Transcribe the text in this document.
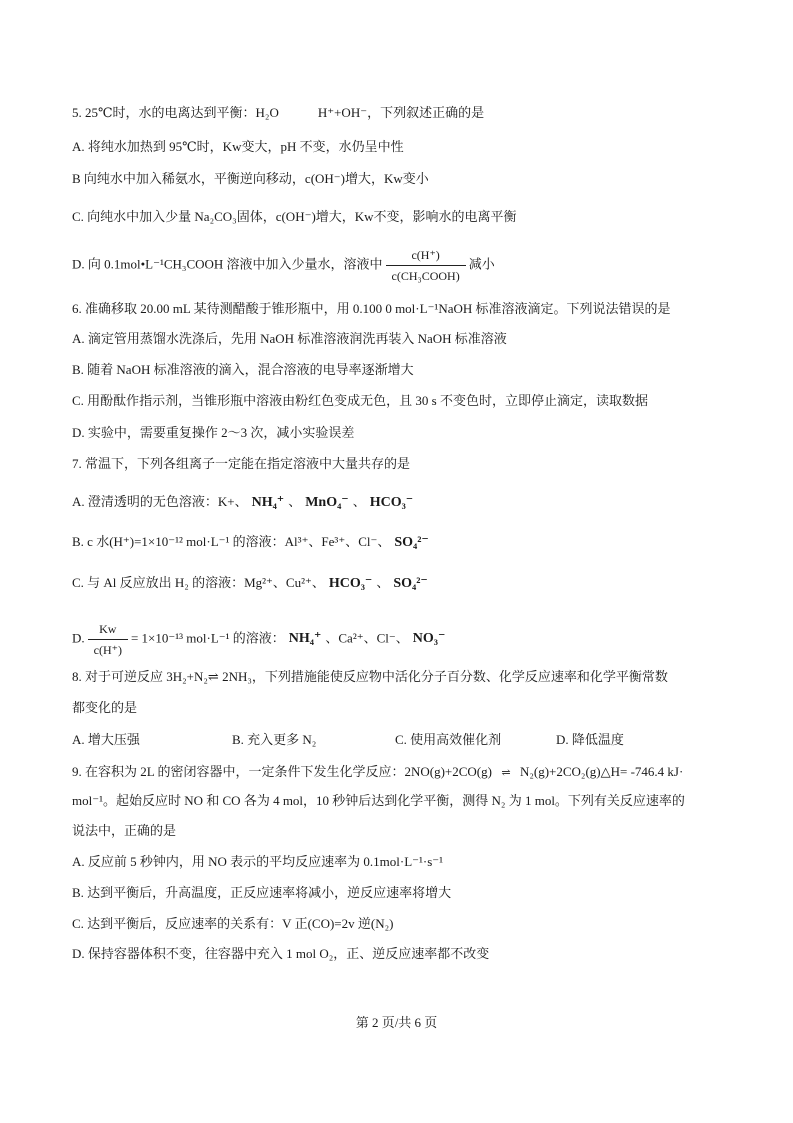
5. 25℃时，水的电离达到平衡：H₂O　　　H⁺+OH⁻，下列叙述正确的是
A. 将纯水加热到 95℃时，Kw变大，pH 不变，水仍呈中性
B 向纯水中加入稀氨水，平衡逆向移动，c(OH⁻)增大，Kw变小
C. 向纯水中加入少量 Na₂CO₃固体，c(OH⁻)增大，Kw不变，影响水的电离平衡
D. 向 0.1mol•L⁻¹CH₃COOH 溶液中加入少量水，溶液中 $\frac{c(H^+)}{\text{c(CH₃COOH)}}$ 减小
6. 准确移取 20.00 mL 某待测醋酸于锥形瓶中，用 0.100 0 mol·L⁻¹NaOH 标准溶液滴定。下列说法错误的是
A. 滴定管用蒸馏水洗涤后，先用 NaOH 标准溶液润洗再装入 NaOH 标准溶液
B. 随着 NaOH 标准溶液的滴入，混合溶液的电导率逐渐增大
C. 用酚酞作指示剂，当锥形瓶中溶液由粉红色变成无色，且 30 s 不变色时，立即停止滴定，读取数据
D. 实验中，需要重复操作 2～3 次，减小实验误差
7. 常温下，下列各组离子一定能在指定溶液中大量共存的是
A. 澄清透明的无色溶液：K+、 NH₄⁺ 、 MnO₄⁻ 、 HCO₃⁻
B. c 水(H⁺)=1×10⁻¹² mol·L⁻¹ 的溶液：Al³⁺、Fe³⁺、Cl⁻、 SO₄²⁻
C. 与 Al 反应放出 H₂ 的溶液：Mg²⁺、Cu²⁺、 HCO₃⁻ 、 SO₄²⁻
D. $\frac{Kw}{c(H^+)} = 1\times 10^{-13}$ mol·L⁻¹ 的溶液： NH₄⁺ 、Ca²⁺、Cl⁻、 NO₃⁻
8. 对于可逆反应 3H₂+N₂⇌ 2NH₃，下列措施能使反应物中活化分子百分数、化学反应速率和化学平衡常数
都变化的是
A. 增大压强	B. 充入更多 N₂	C. 使用高效催化剂	D. 降低温度
9. 在容积为 2L 的密闭容器中，一定条件下发生化学反应：2NO(g)+2CO(g) ⇌ N₂(g)+2CO₂(g)△H= -746.4 kJ·
mol⁻¹。起始反应时 NO 和 CO 各为 4 mol，10 秒钟后达到化学平衡，测得 N₂ 为 1 mol。下列有关反应速率的
说法中，正确的是
A. 反应前 5 秒钟内，用 NO 表示的平均反应速率为 0.1mol·L⁻¹·s⁻¹
B. 达到平衡后，升高温度，正反应速率将减小，逆反应速率将增大
C. 达到平衡后，反应速率的关系有：V 正(CO)=2v 逆(N₂)
D. 保持容器体积不变，往容器中充入 1 mol O₂，正、逆反应速率都不改变
第 2 页/共 6 页
